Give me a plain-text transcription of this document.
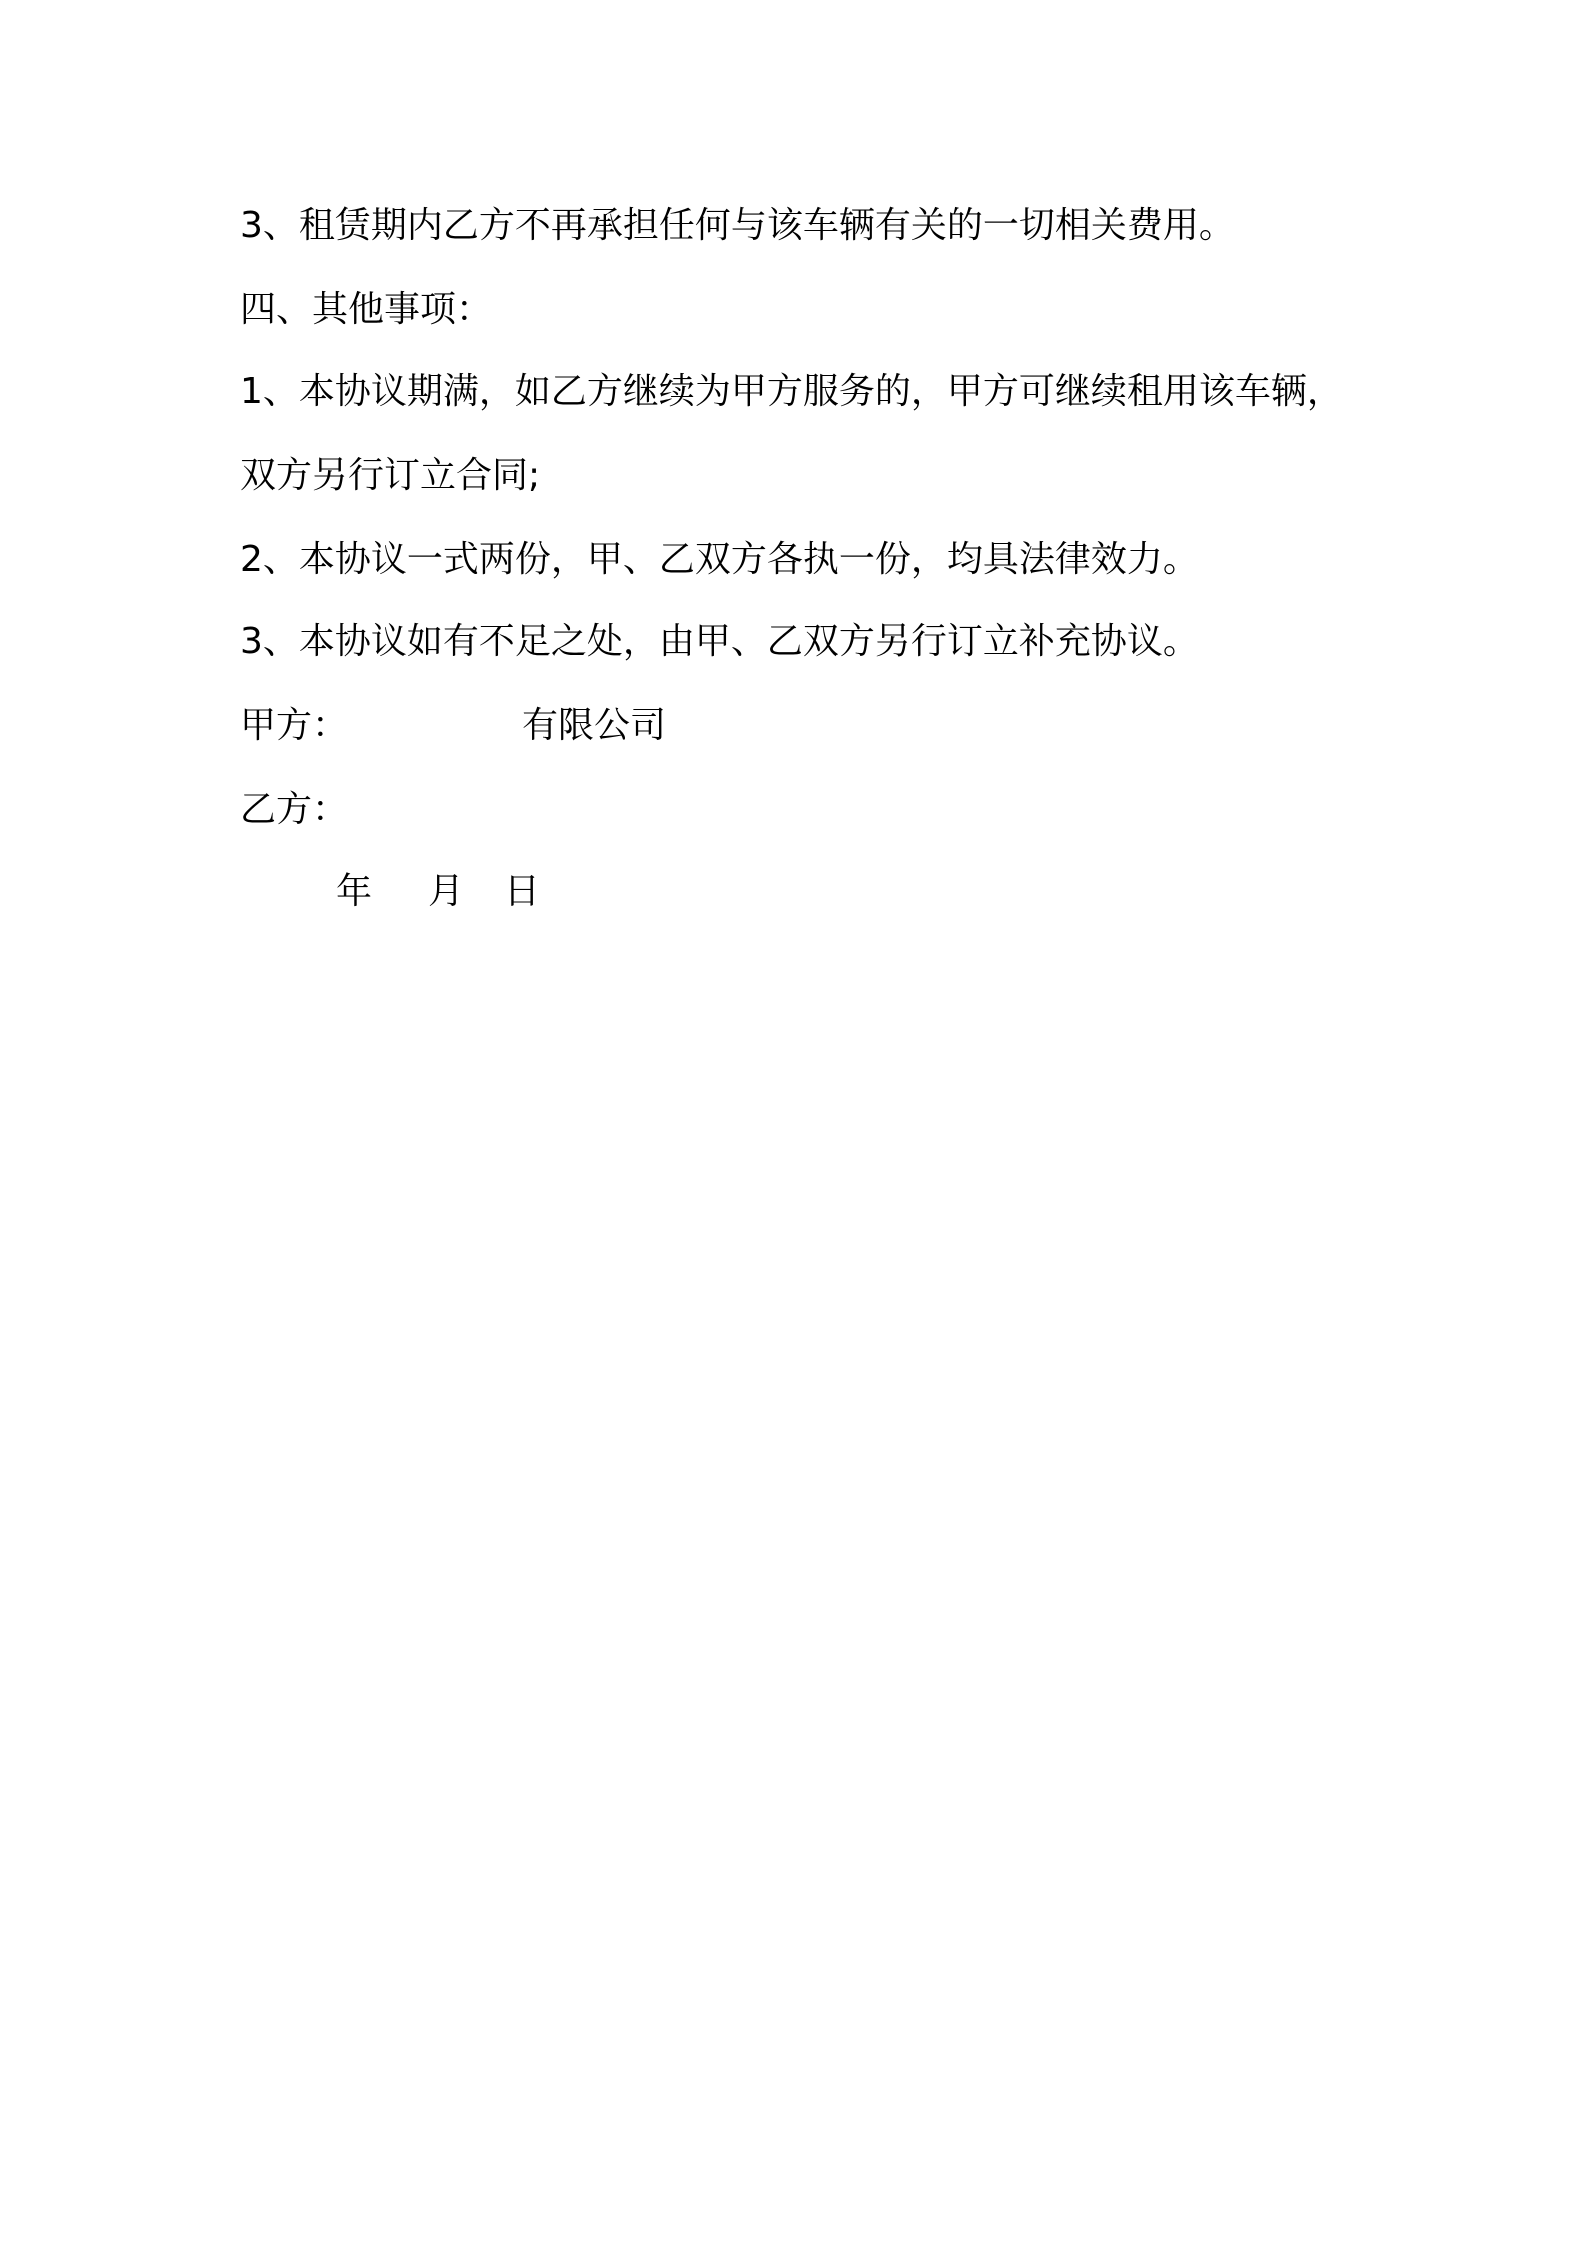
3、租赁期内乙方不再承担任何与该车辆有关的一切相关费用。
四、其他事项：
1、本协议期满，如乙方继续为甲方服务的，甲方可继续租用该车辆，
双方另行订立合同;
2、本协议一式两份，甲、乙双方各执一份，均具法律效力。
3、本协议如有不足之处，由甲、乙双方另行订立补充协议。
甲方：	有限公司
乙方：
年 月 日
